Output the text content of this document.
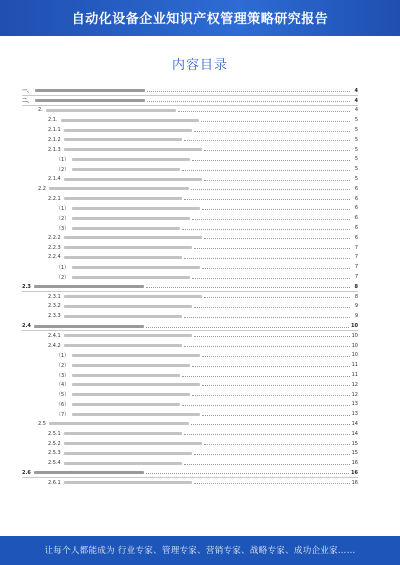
自动化设备企业知识产权管理策略研究报告
内容目录
一、	4
二、	4
2.	4
2.1.	5
2.1.1	5
2.1.2	5
2.1.3	5
（1）	5
（2）	5
2.1.4	5
2.2	6
2.2.1	6
（1）	6
（2）	6
（3）	6
2.2.2	6
2.2.3	7
2.2.4	7
（1）	7
（2）	7
2.3	8
2.3.1	8
2.3.2	9
2.3.3	9
2.4	10
2.4.1	10
2.4.2	10
（1）	10
（2）	11
（3）	11
（4）	12
（5）	12
（6）	13
（7）	13
2.5	14
2.5.1	14
2.5.2	15
2.5.3	15
2.5.4	16
2.6	16
2.6.1	16
让每个人都能成为 行业专家、管理专家、营销专家、战略专家、成功企业家……
